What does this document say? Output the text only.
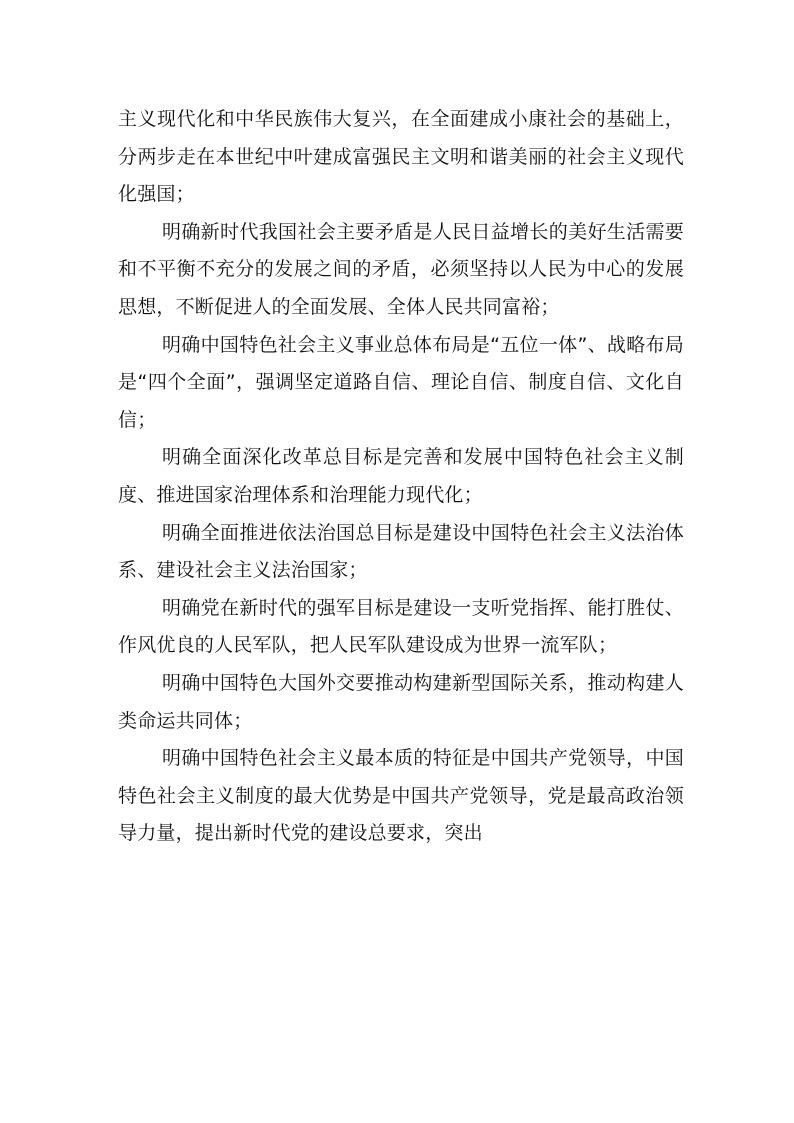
主义现代化和中华民族伟大复兴，在全面建成小康社会的基础上，分两步走在本世纪中叶建成富强民主文明和谐美丽的社会主义现代化强国；

明确新时代我国社会主要矛盾是人民日益增长的美好生活需要和不平衡不充分的发展之间的矛盾，必须坚持以人民为中心的发展思想，不断促进人的全面发展、全体人民共同富裕；

明确中国特色社会主义事业总体布局是“五位一体”、战略布局是“四个全面”，强调坚定道路自信、理论自信、制度自信、文化自信；

明确全面深化改革总目标是完善和发展中国特色社会主义制度、推进国家治理体系和治理能力现代化；

明确全面推进依法治国总目标是建设中国特色社会主义法治体系、建设社会主义法治国家；

明确党在新时代的强军目标是建设一支听党指挥、能打胜仗、作风优良的人民军队，把人民军队建设成为世界一流军队；

明确中国特色大国外交要推动构建新型国际关系，推动构建人类命运共同体；

明确中国特色社会主义最本质的特征是中国共产党领导，中国特色社会主义制度的最大优势是中国共产党领导，党是最高政治领导力量，提出新时代党的建设总要求，突出
